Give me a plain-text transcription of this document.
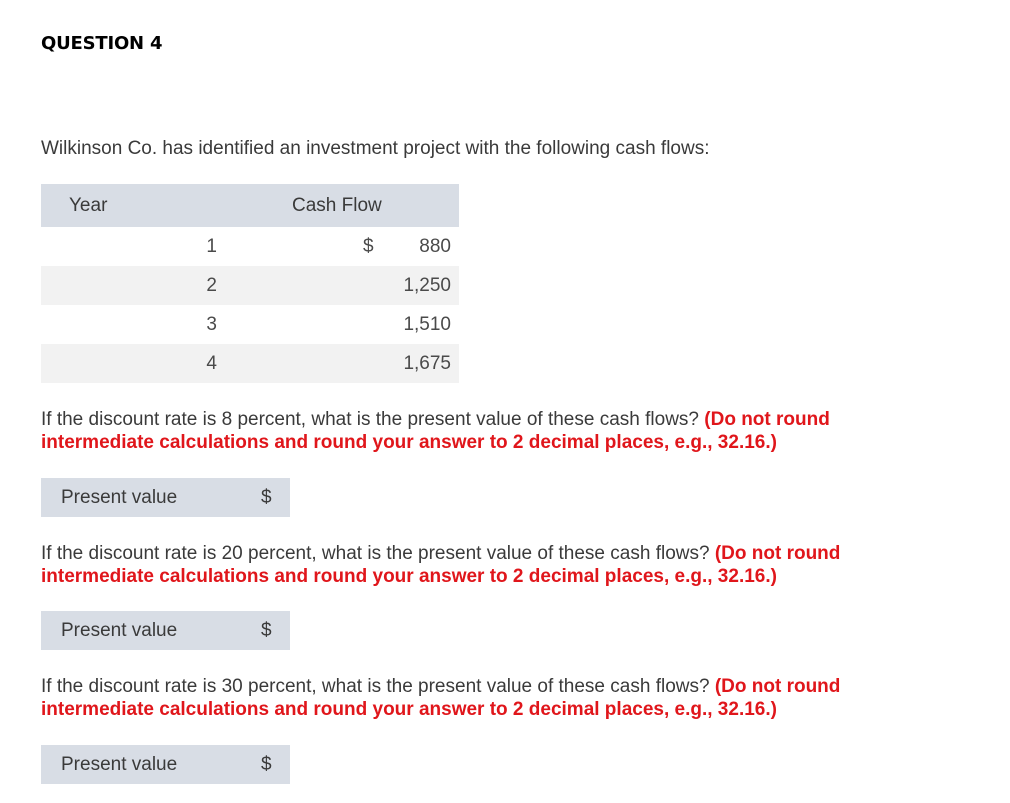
QUESTION 4
Wilkinson Co. has identified an investment project with the following cash flows:
Year	Cash Flow
1	$ 880
2	1,250
3	1,510
4	1,675
If the discount rate is 8 percent, what is the present value of these cash flows? (Do not round intermediate calculations and round your answer to 2 decimal places, e.g., 32.16.)
Present value	$
If the discount rate is 20 percent, what is the present value of these cash flows? (Do not round intermediate calculations and round your answer to 2 decimal places, e.g., 32.16.)
Present value	$
If the discount rate is 30 percent, what is the present value of these cash flows? (Do not round intermediate calculations and round your answer to 2 decimal places, e.g., 32.16.)
Present value	$
